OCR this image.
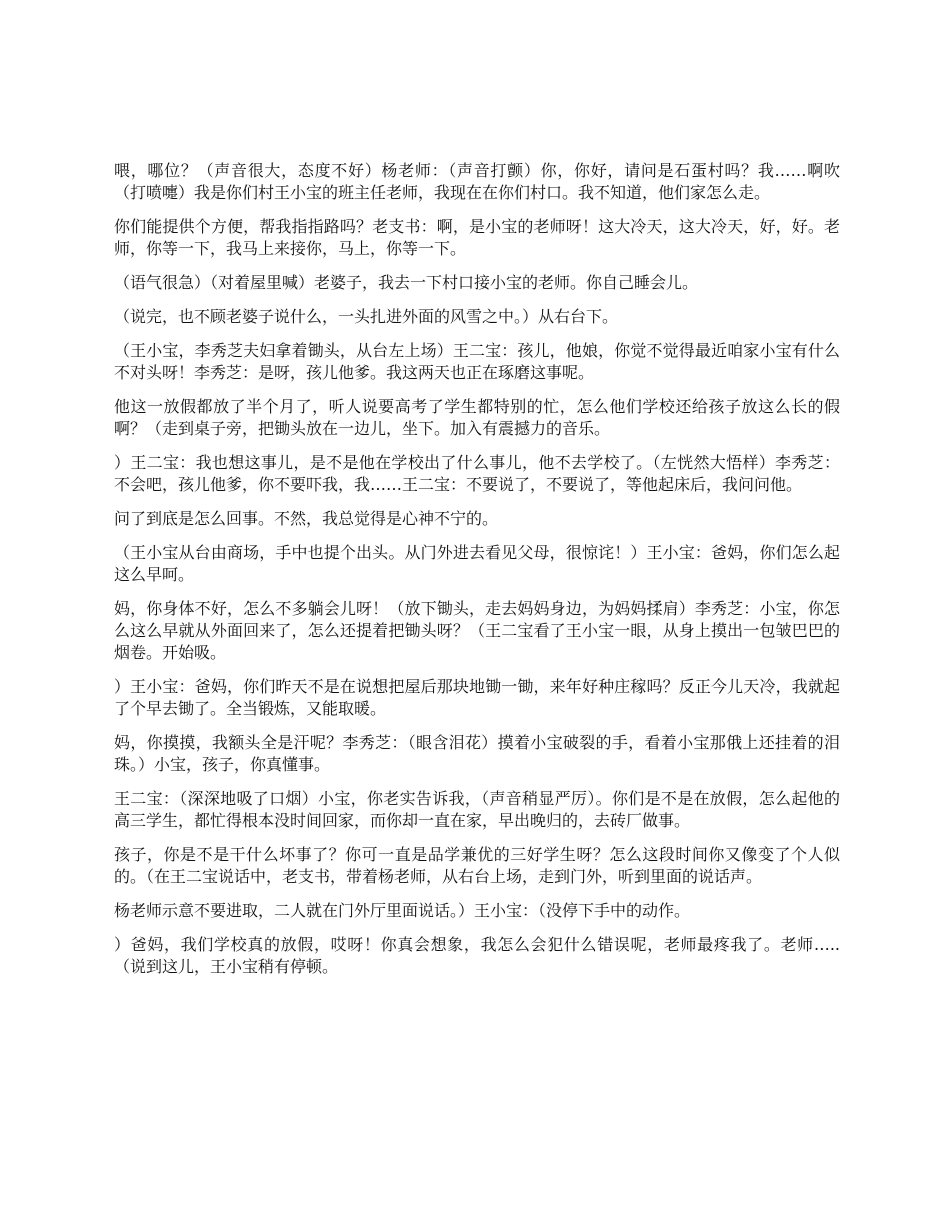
喂，哪位？（声音很大，态度不好）杨老师：（声音打颤）你，你好，请问是石蛋村吗？我……啊吹（打喷嚏）我是你们村王小宝的班主任老师，我现在在你们村口。我不知道，他们家怎么走。

你们能提供个方便，帮我指指路吗？老支书：啊，是小宝的老师呀！这大冷天，这大冷天，好，好。老师，你等一下，我马上来接你，马上，你等一下。

（语气很急）（对着屋里喊）老婆子，我去一下村口接小宝的老师。你自己睡会儿。

（说完，也不顾老婆子说什么，一头扎进外面的风雪之中。）从右台下。

（王小宝，李秀芝夫妇拿着锄头，从台左上场）王二宝：孩儿，他娘，你觉不觉得最近咱家小宝有什么不对头呀！李秀芝：是呀，孩儿他爹。我这两天也正在琢磨这事呢。

他这一放假都放了半个月了，听人说要高考了学生都特别的忙，怎么他们学校还给孩子放这么长的假啊？（走到桌子旁，把锄头放在一边儿，坐下。加入有震撼力的音乐。

）王二宝：我也想这事儿，是不是他在学校出了什么事儿，他不去学校了。（左恍然大悟样）李秀芝：不会吧，孩儿他爹，你不要吓我，我……王二宝：不要说了，不要说了，等他起床后，我问问他。

问了到底是怎么回事。不然，我总觉得是心神不宁的。

（王小宝从台由商场，手中也提个出头。从门外进去看见父母，很惊诧！）王小宝：爸妈，你们怎么起这么早呵。

妈，你身体不好，怎么不多躺会儿呀！（放下锄头，走去妈妈身边，为妈妈揉肩）李秀芝：小宝，你怎么这么早就从外面回来了，怎么还提着把锄头呀？（王二宝看了王小宝一眼，从身上摸出一包皱巴巴的烟卷。开始吸。

）王小宝：爸妈，你们昨天不是在说想把屋后那块地锄一锄，来年好种庄稼吗？反正今儿天冷，我就起了个早去锄了。全当锻炼，又能取暖。

妈，你摸摸，我额头全是汗呢？李秀芝：（眼含泪花）摸着小宝破裂的手，看着小宝那俄上还挂着的泪珠。）小宝，孩子，你真懂事。

王二宝：（深深地吸了口烟）小宝，你老实告诉我，（声音稍显严厉）。你们是不是在放假，怎么起他的高三学生，都忙得根本没时间回家，而你却一直在家，早出晚归的，去砖厂做事。

孩子，你是不是干什么坏事了？你可一直是品学兼优的三好学生呀？怎么这段时间你又像变了个人似的。（在王二宝说话中，老支书，带着杨老师，从右台上场，走到门外，听到里面的说话声。

杨老师示意不要进取，二人就在门外厅里面说话。）王小宝：（没停下手中的动作。

）爸妈，我们学校真的放假，哎呀！你真会想象，我怎么会犯什么错误呢，老师最疼我了。老师…..（说到这儿，王小宝稍有停顿。
